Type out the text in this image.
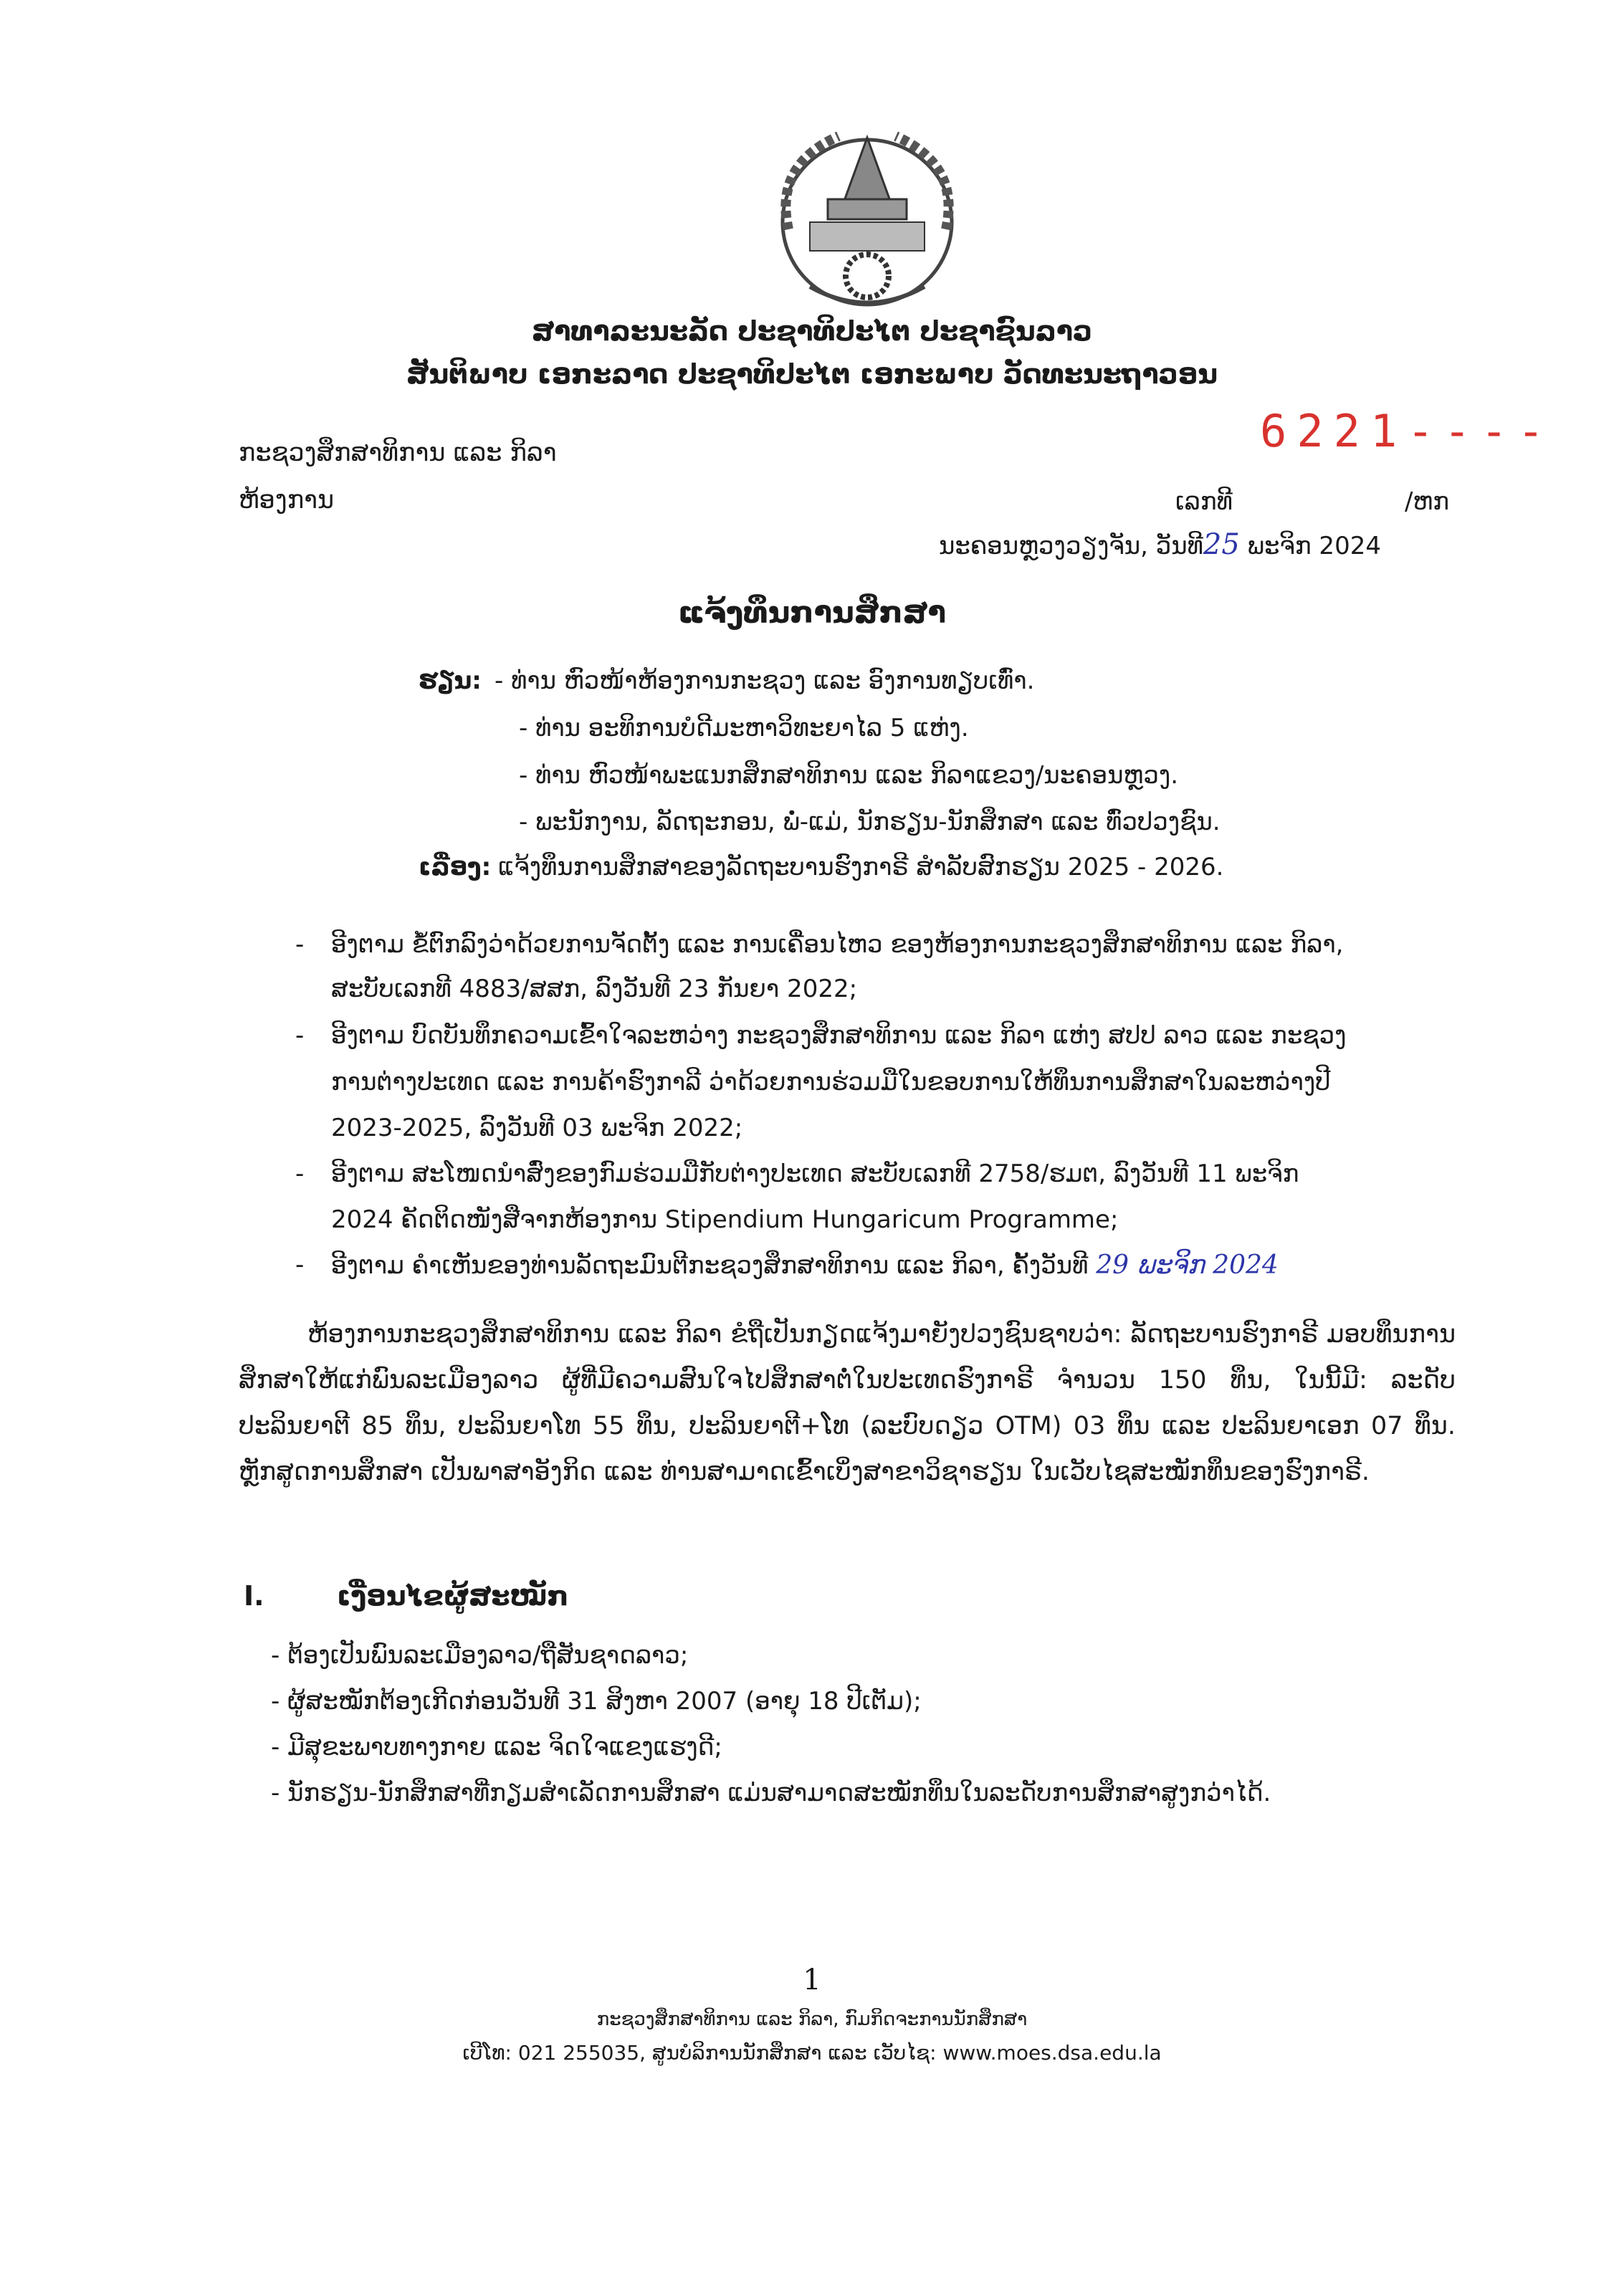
ສາທາລະນະລັດ ປະຊາທິປະໄຕ ປະຊາຊົນລາວ
ສັນຕິພາບ ເອກະລາດ ປະຊາທິປະໄຕ ເອກະພາບ ວັດທະນະຖາວອນ
ກະຊວງສຶກສາທິການ ແລະ ກິລາ
ຫ້ອງການ
6221----
ເລກທີ	/ຫກ
ນະຄອນຫຼວງວຽງຈັນ, ວັນທີ25 ພະຈິກ 2024
ແຈ້ງທຶນການສຶກສາ
ຮຽນ: - ທ່ານ ຫົວໜ້າຫ້ອງການກະຊວງ ແລະ ອົງການທຽບເທົ່າ.
- ທ່ານ ອະທິການບໍດີມະຫາວິທະຍາໄລ 5 ແຫ່ງ.
- ທ່ານ ຫົວໜ້າພະແນກສຶກສາທິການ ແລະ ກິລາແຂວງ/ນະຄອນຫຼວງ.
- ພະນັກງານ, ລັດຖະກອນ, ພໍ່-ແມ່, ນັກຮຽນ-ນັກສຶກສາ ແລະ ທົ່ວປວງຊົນ.
ເລື່ອງ: ແຈ້ງທຶນການສຶກສາຂອງລັດຖະບານຮົງກາຣີ ສຳລັບສົກຮຽນ 2025 - 2026.
- ອີງຕາມ ຂໍ້ຕົກລົງວ່າດ້ວຍການຈັດຕັ້ງ ແລະ ການເຄື່ອນໄຫວ ຂອງຫ້ອງການກະຊວງສຶກສາທິການ ແລະ ກິລາ,
ສະບັບເລກທີ 4883/ສສກ, ລົງວັນທີ 23 ກັນຍາ 2022;
- ອີງຕາມ ບົດບັນທຶກຄວາມເຂົ້າໃຈລະຫວ່າງ ກະຊວງສຶກສາທິການ ແລະ ກິລາ ແຫ່ງ ສປປ ລາວ ແລະ ກະຊວງ
ການຕ່າງປະເທດ ແລະ ການຄ້າຮົງກາລີ ວ່າດ້ວຍການຮ່ວມມືໃນຂອບການໃຫ້ທຶນການສຶກສາໃນລະຫວ່າງປີ
2023-2025, ລົງວັນທີ 03 ພະຈິກ 2022;
- ອີງຕາມ ສະໂໜດນຳສົ່ງຂອງກົມຮ່ວມມືກັບຕ່າງປະເທດ ສະບັບເລກທີ 2758/ຮມຕ, ລົງວັນທີ 11 ພະຈິກ
2024 ຄັດຕິດໜັງສືຈາກຫ້ອງການ Stipendium Hungaricum Programme;
- ອີງຕາມ ຄຳເຫັນຂອງທ່ານລັດຖະມົນຕີກະຊວງສຶກສາທິການ ແລະ ກິລາ, ຄັ້ງວັນທີ 29 ພະຈິກ 2024
ຫ້ອງການກະຊວງສຶກສາທິການ ແລະ ກິລາ ຂໍຖືເປັນກຽດແຈ້ງມາຍັງປວງຊົນຊາບວ່າ: ລັດຖະບານຮົງກາຣີ ມອບທຶນການສຶກສາໃຫ້ແກ່ພົນລະເມືອງລາວ ຜູ້ທີ່ມີຄວາມສົນໃຈໄປສຶກສາຕໍ່ໃນປະເທດຮົງກາຣີ ຈຳນວນ 150 ທຶນ, ໃນນີ້ມີ: ລະດັບປະລິນຍາຕີ 85 ທຶນ, ປະລິນຍາໂທ 55 ທຶນ, ປະລິນຍາຕີ+ໂທ (ລະບົບດຽວ OTM) 03 ທຶນ ແລະ ປະລິນຍາເອກ 07 ທຶນ. ຫຼັກສູດການສຶກສາ ເປັນພາສາອັງກິດ ແລະ ທ່ານສາມາດເຂົ້າເບິ່ງສາຂາວິຊາຮຽນ ໃນເວັບໄຊສະໝັກທຶນຂອງຮົງກາຣີ.
I.	ເງື່ອນໄຂຜູ້ສະໝັກ
- ຕ້ອງເປັນພົນລະເມືອງລາວ/ຖືສັນຊາດລາວ;
- ຜູ້ສະໝັກຕ້ອງເກີດກ່ອນວັນທີ 31 ສິງຫາ 2007 (ອາຍຸ 18 ປີເຕັມ);
- ມີສຸຂະພາບທາງກາຍ ແລະ ຈິດໃຈແຂງແຮງດີ;
- ນັກຮຽນ-ນັກສຶກສາທີ່ກຽມສຳເລັດການສຶກສາ ແມ່ນສາມາດສະໝັກທຶນໃນລະດັບການສຶກສາສູງກວ່າໄດ້.
1
ກະຊວງສຶກສາທິການ ແລະ ກິລາ, ກົມກິດຈະການນັກສຶກສາ
ເບີໂທ: 021 255035, ສູນບໍລິການນັກສຶກສາ ແລະ ເວັບໄຊ: www.moes.dsa.edu.la
